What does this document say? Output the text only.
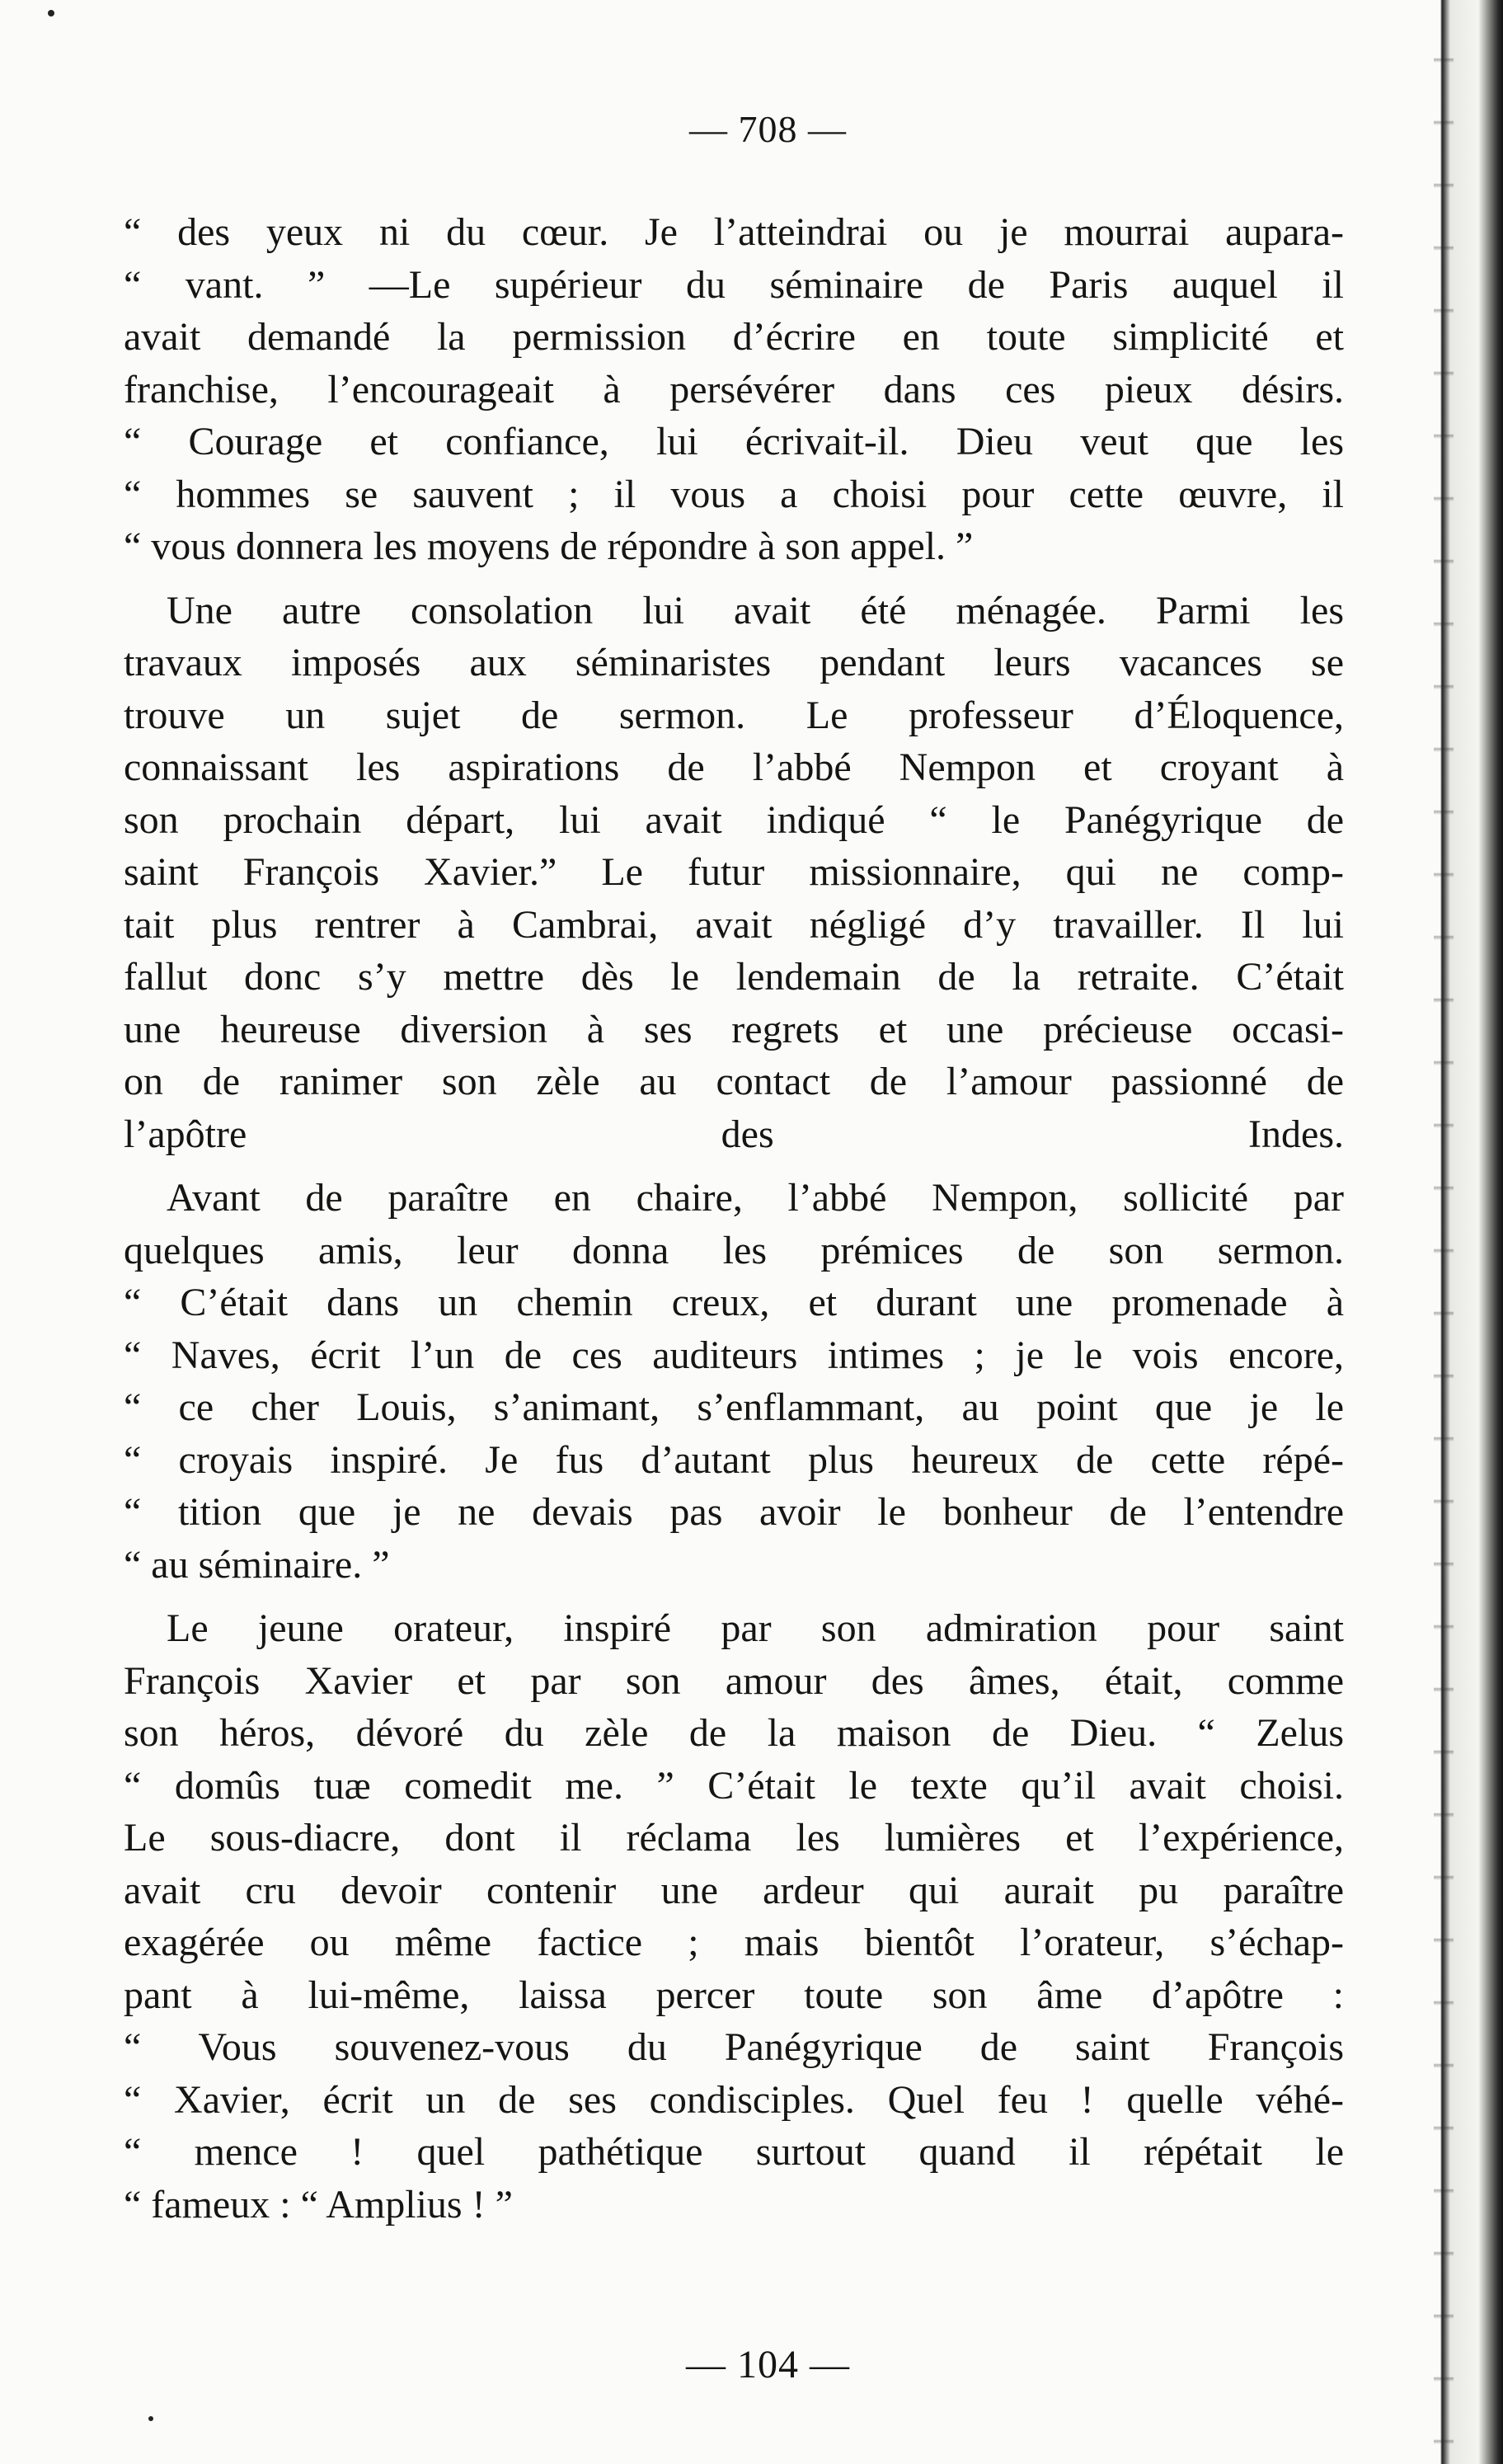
— 708 —

“ des yeux ni du cœur. Je l’atteindrai ou je mourrai aupara-
“ vant. ” —Le supérieur du séminaire de Paris auquel il
avait demandé la permission d’écrire en toute simplicité et
franchise, l’encourageait à persévérer dans ces pieux désirs.
“ Courage et confiance, lui écrivait-il. Dieu veut que les
“ hommes se sauvent ; il vous a choisi pour cette œuvre, il
“ vous donnera les moyens de répondre à son appel. ”

Une autre consolation lui avait été ménagée. Parmi les
travaux imposés aux séminaristes pendant leurs vacances se
trouve un sujet de sermon. Le professeur d’Éloquence,
connaissant les aspirations de l’abbé Nempon et croyant à
son prochain départ, lui avait indiqué “ le Panégyrique de
saint François Xavier.” Le futur missionnaire, qui ne comp-
tait plus rentrer à Cambrai, avait négligé d’y travailler. Il lui
fallut donc s’y mettre dès le lendemain de la retraite. C’était
une heureuse diversion à ses regrets et une précieuse occasi-
on de ranimer son zèle au contact de l’amour passionné de
l’apôtre des Indes.

Avant de paraître en chaire, l’abbé Nempon, sollicité par
quelques amis, leur donna les prémices de son sermon.
“ C’était dans un chemin creux, et durant une promenade à
“ Naves, écrit l’un de ces auditeurs intimes ; je le vois encore,
“ ce cher Louis, s’animant, s’enflammant, au point que je le
“ croyais inspiré. Je fus d’autant plus heureux de cette répé-
“ tition que je ne devais pas avoir le bonheur de l’entendre
“ au séminaire. ”

Le jeune orateur, inspiré par son admiration pour saint
François Xavier et par son amour des âmes, était, comme
son héros, dévoré du zèle de la maison de Dieu. “ Zelus
“ domûs tuæ comedit me. ” C’était le texte qu’il avait choisi.
Le sous-diacre, dont il réclama les lumières et l’expérience,
avait cru devoir contenir une ardeur qui aurait pu paraître
exagérée ou même factice ; mais bientôt l’orateur, s’échap-
pant à lui-même, laissa percer toute son âme d’apôtre :
“ Vous souvenez-vous du Panégyrique de saint François
“ Xavier, écrit un de ses condisciples. Quel feu ! quelle véhé-
“ mence ! quel pathétique surtout quand il répétait le
“ fameux : “ Amplius ! ”

— 104 —
